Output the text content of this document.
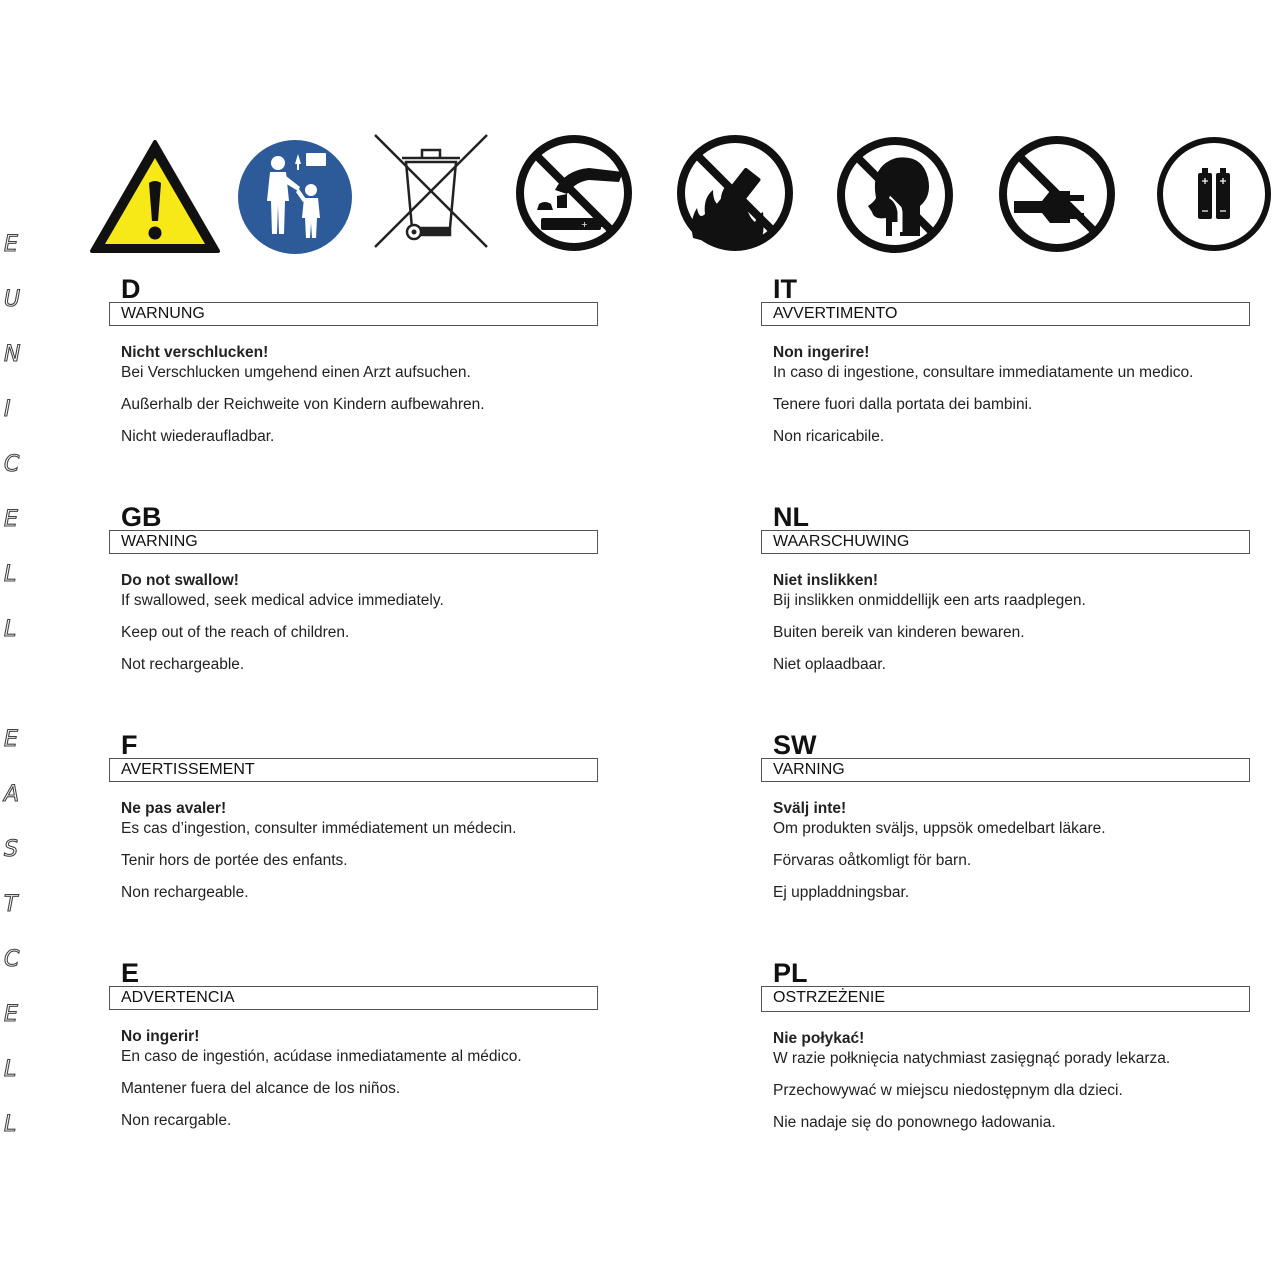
E
U
N
I
C
E
L
L
E
A
S
T
C
E
L
L
+
D
WARNUNG
Nicht verschlucken!
Bei Verschlucken umgehend einen Arzt aufsuchen.
Außerhalb der Reichweite von Kindern aufbewahren.
Nicht wiederaufladbar.
IT
AVVERTIMENTO
Non ingerire!
In caso di ingestione, consultare immediatamente un medico.
Tenere fuori dalla portata dei bambini.
Non ricaricabile.
GB
WARNING
Do not swallow!
If swallowed, seek medical advice immediately.
Keep out of the reach of children.
Not rechargeable.
NL
WAARSCHUWING
Niet inslikken!
Bij inslikken onmiddellijk een arts raadplegen.
Buiten bereik van kinderen bewaren.
Niet oplaadbaar.
F
AVERTISSEMENT
Ne pas avaler!
Es cas d’ingestion, consulter immédiatement un médecin.
Tenir hors de portée des enfants.
Non rechargeable.
SW
VARNING
Svälj inte!
Om produkten sväljs, uppsök omedelbart läkare.
Förvaras oåtkomligt för barn.
Ej uppladdningsbar.
E
ADVERTENCIA
No ingerir!
En caso de ingestión, acúdase inmediatamente al médico.
Mantener fuera del alcance de los niños.
Non recargable.
PL
OSTRZEŻENIE
Nie połykać!
W razie połknięcia natychmiast zasięgnąć porady lekarza.
Przechowywać w miejscu niedostępnym dla dzieci.
Nie nadaje się do ponownego ładowania.
